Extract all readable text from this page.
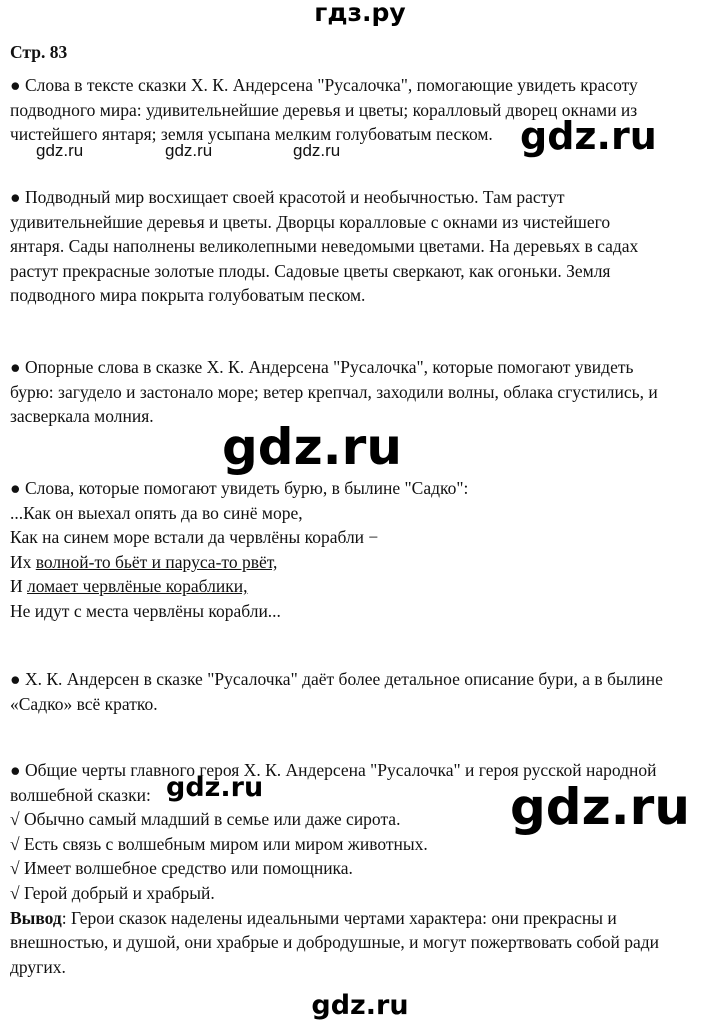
гдз.ру
Стр. 83
● Слова в тексте сказки Х. К. Андерсена "Русалочка", помогающие увидеть красоту
подводного мира: удивительнейшие деревья и цветы; коралловый дворец окнами из
чистейшего янтаря; земля усыпана мелким голубоватым песком.
gdz.ru	gdz.ru	gdz.ru	gdz.ru
● Подводный мир восхищает своей красотой и необычностью. Там растут
удивительнейшие деревья и цветы. Дворцы коралловые с окнами из чистейшего
янтаря. Сады наполнены великолепными неведомыми цветами. На деревьях в садах
растут прекрасные золотые плоды. Садовые цветы сверкают, как огоньки. Земля
подводного мира покрыта голубоватым песком.
● Опорные слова в сказке Х. К. Андерсена "Русалочка", которые помогают увидеть
бурю: загудело и застонало море; ветер крепчал, заходили волны, облака сгустились, и
засверкала молния.
gdz.ru
● Слова, которые помогают увидеть бурю, в былине "Садко":
...Как он выехал опять да во синё море,
Как на синем море встали да червлёны корабли −
Их волной-то бьёт и паруса-то рвёт,
И ломает червлёные кораблики,
Не идут с места червлёны корабли...
● Х. К. Андерсен в сказке "Русалочка" даёт более детальное описание бури, а в былине
«Садко» всё кратко.
● Общие черты главного героя Х. К. Андерсена "Русалочка" и героя русской народной
волшебной сказки:
√ Обычно самый младший в семье или даже сирота.
√ Есть связь с волшебным миром или миром животных.
√ Имеет волшебное средство или помощника.
√ Герой добрый и храбрый.
Вывод: Герои сказок наделены идеальными чертами характера: они прекрасны и
внешностью, и душой, они храбрые и добродушные, и могут пожертвовать собой ради
других.
gdz.ru	gdz.ru
gdz.ru
